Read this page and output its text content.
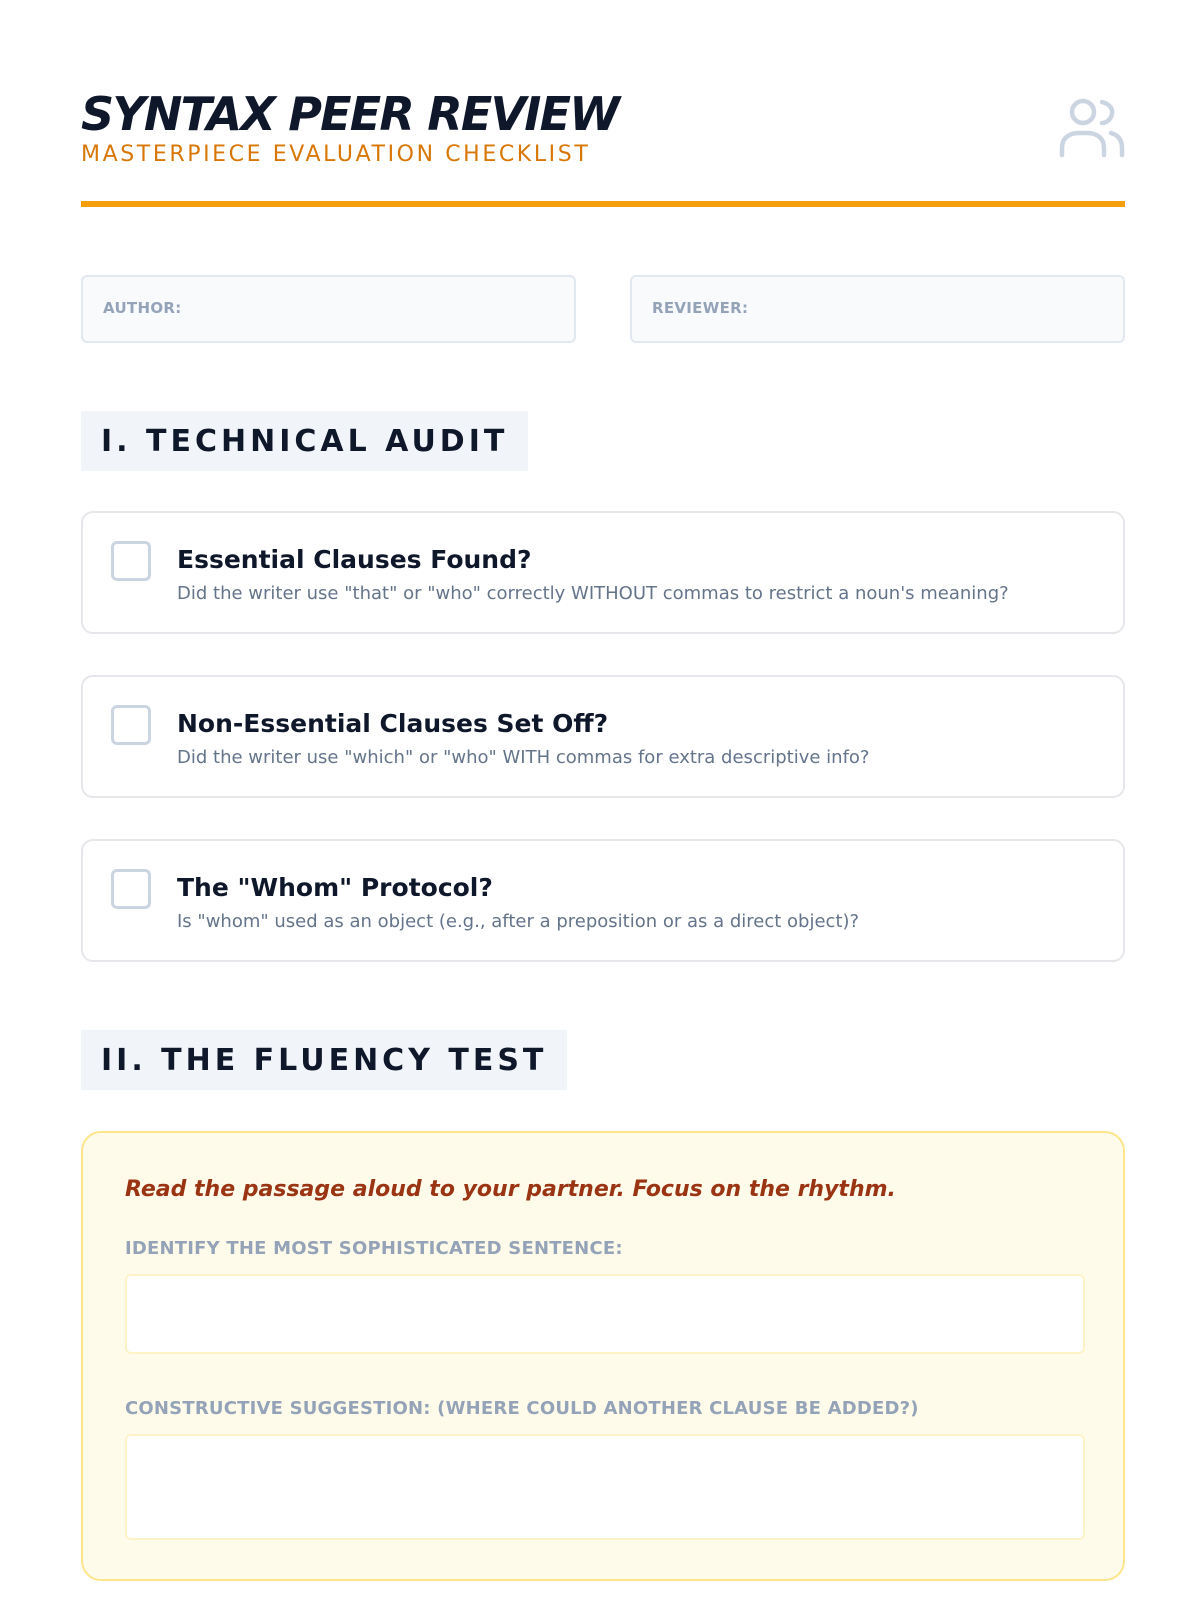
SYNTAX PEER REVIEW
MASTERPIECE EVALUATION CHECKLIST
AUTHOR:	REVIEWER:
I. TECHNICAL AUDIT
Essential Clauses Found?
Did the writer use "that" or "who" correctly WITHOUT commas to restrict a noun's meaning?
Non-Essential Clauses Set Off?
Did the writer use "which" or "who" WITH commas for extra descriptive info?
The "Whom" Protocol?
Is "whom" used as an object (e.g., after a preposition or as a direct object)?
II. THE FLUENCY TEST
Read the passage aloud to your partner. Focus on the rhythm.
IDENTIFY THE MOST SOPHISTICATED SENTENCE:
CONSTRUCTIVE SUGGESTION: (WHERE COULD ANOTHER CLAUSE BE ADDED?)
